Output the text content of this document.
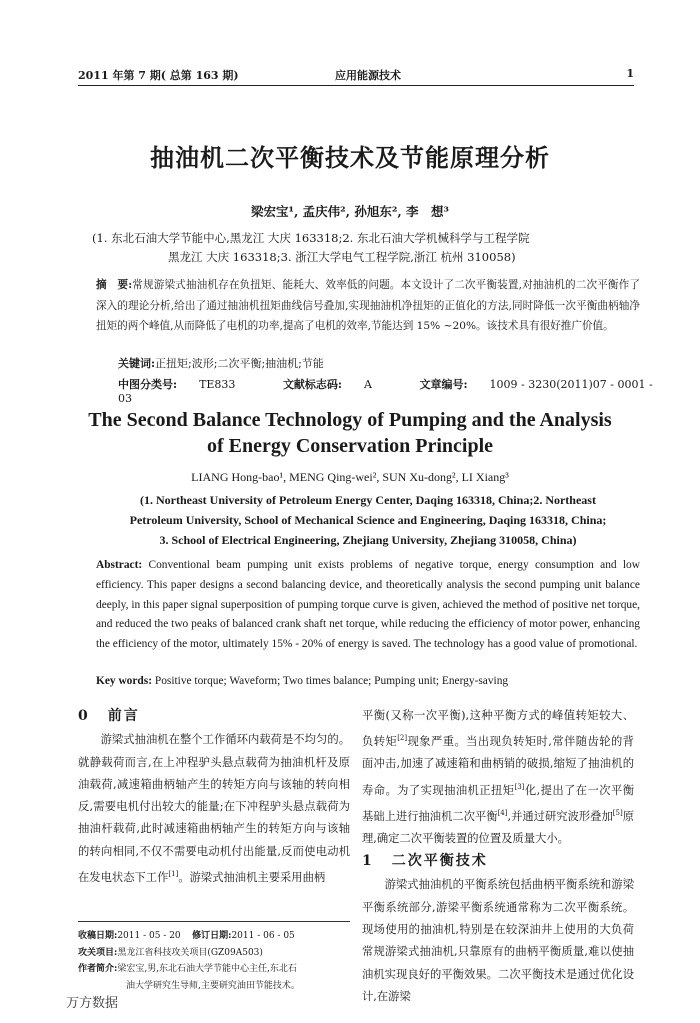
2011 年第 7 期( 总第 163 期)	应用能源技术	1
抽油机二次平衡技术及节能原理分析
梁宏宝¹, 孟庆伟², 孙旭东², 李　想³
(1. 东北石油大学节能中心,黑龙江 大庆 163318;2. 东北石油大学机械科学与工程学院
黑龙江 大庆 163318;3. 浙江大学电气工程学院,浙江 杭州 310058)
摘　要:常规游梁式抽油机存在负扭矩、能耗大、效率低的问题。本文设计了二次平衡装置,对抽油机的二次平衡作了深入的理论分析,给出了通过抽油机扭矩曲线信号叠加,实现抽油机净扭矩的正值化的方法,同时降低一次平衡曲柄轴净扭矩的两个峰值,从而降低了电机的功率,提高了电机的效率,节能达到 15% ~20%。该技术具有很好推广价值。
关键词:正扭矩;波形;二次平衡;抽油机;节能
中图分类号: TE833	文献标志码: A	文章编号: 1009 - 3230(2011)07 - 0001 - 03
The Second Balance Technology of Pumping and the Analysis
of Energy Conservation Principle
LIANG Hong-bao¹, MENG Qing-wei², SUN Xu-dong², LI Xiang³
(1. Northeast University of Petroleum Energy Center, Daqing 163318, China;2. Northeast
Petroleum University, School of Mechanical Science and Engineering, Daqing 163318, China;
3. School of Electrical Engineering, Zhejiang University, Zhejiang 310058, China)
Abstract: Conventional beam pumping unit exists problems of negative torque, energy consumption and low efficiency. This paper designs a second balancing device, and theoretically analysis the second pumping unit balance deeply, in this paper signal superposition of pumping torque curve is given, achieved the method of positive net torque, and reduced the two peaks of balanced crank shaft net torque, while reducing the efficiency of motor power, enhancing the efficiency of the motor, ultimately 15% - 20% of energy is saved. The technology has a good value of promotional.
Key words: Positive torque; Waveform; Two times balance; Pumping unit; Energy-saving
0 前言

游梁式抽油机在整个工作循环内载荷是不均匀的。就静载荷而言,在上冲程驴头悬点载荷为抽油机杆及原油载荷,减速箱曲柄轴产生的转矩方向与该轴的转向相反,需要电机付出较大的能量;在下冲程驴头悬点载荷为抽油杆载荷,此时减速箱曲柄轴产生的转矩方向与该轴的转向相同,不仅不需要电动机付出能量,反而使电动机在发电状态下工作[1]。游梁式抽油机主要采用曲柄

平衡(又称一次平衡),这种平衡方式的峰值转矩较大、负转矩[2]现象严重。当出现负转矩时,常伴随齿轮的背面冲击,加速了减速箱和曲柄销的破损,缩短了抽油机的寿命。为了实现抽油机正扭矩[3]化,提出了在一次平衡基础上进行抽油机二次平衡[4],并通过研究波形叠加[5]原理,确定二次平衡装置的位置及质量大小。

1 二次平衡技术

游梁式抽油机的平衡系统包括曲柄平衡系统和游梁平衡系统部分,游梁平衡系统通常称为二次平衡系统。现场使用的抽油机,特别是在较深油井上使用的大负荷常规游梁式抽油机,只靠原有的曲柄平衡质量,难以使抽油机实现良好的平衡效果。二次平衡技术是通过优化设计,在游梁

收稿日期:2011 - 05 - 20 修订日期:2011 - 06 - 05
攻关项目:黑龙江省科技攻关项目(GZ09A503)
作者简介:梁宏宝,男,东北石油大学节能中心主任,东北石
油大学研究生导师,主要研究油田节能技术。
万方数据
